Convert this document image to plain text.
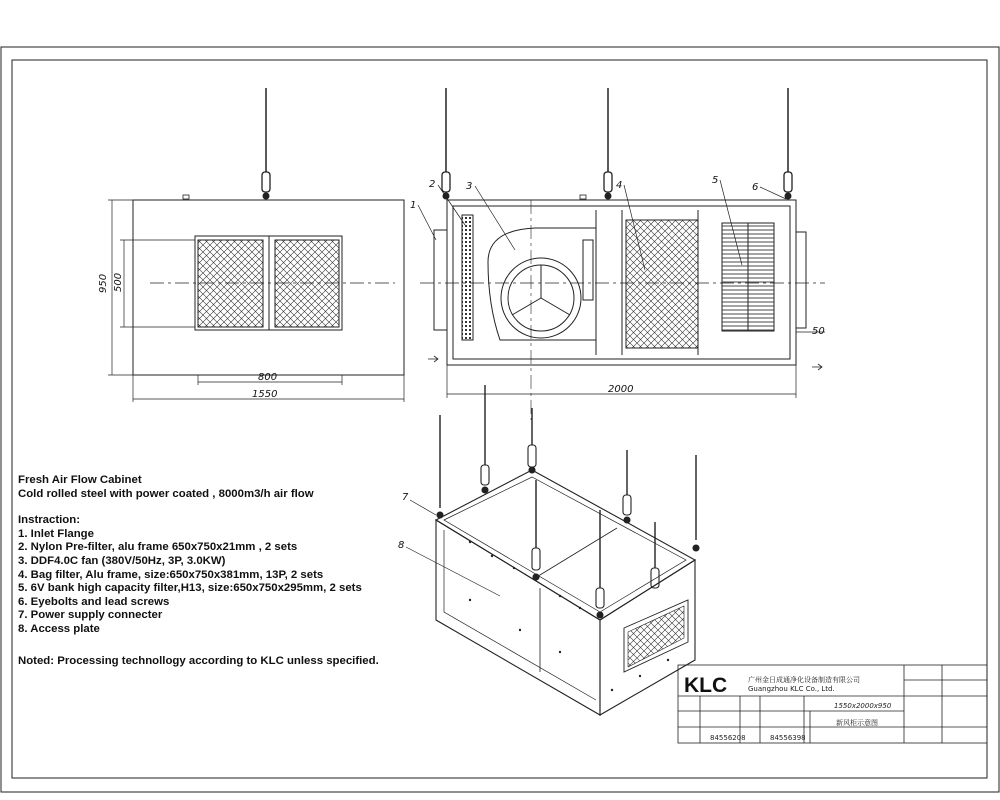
800
1550
950 500
2000
50
1
2	3	4	5
6
7
8
KLC	广州金日成通净化设备制造有限公司
Guangzhou KLC Co., Ltd.
1550x2000x950
新风柜示意图
84556208	84556398
Fresh Air Flow Cabinet
Cold rolled steel with power coated , 8000m3/h air flow
Instraction:
1. Inlet Flange
2. Nylon Pre-filter, alu frame 650x750x21mm , 2 sets
3. DDF4.0C fan (380V/50Hz, 3P, 3.0KW)
4. Bag filter, Alu frame, size:650x750x381mm, 13P, 2 sets
5. 6V bank high capacity filter,H13, size:650x750x295mm, 2 sets
6. Eyebolts and lead screws
7. Power supply connecter
8. Access plate
Noted: Processing technollogy according to KLC unless specified.
